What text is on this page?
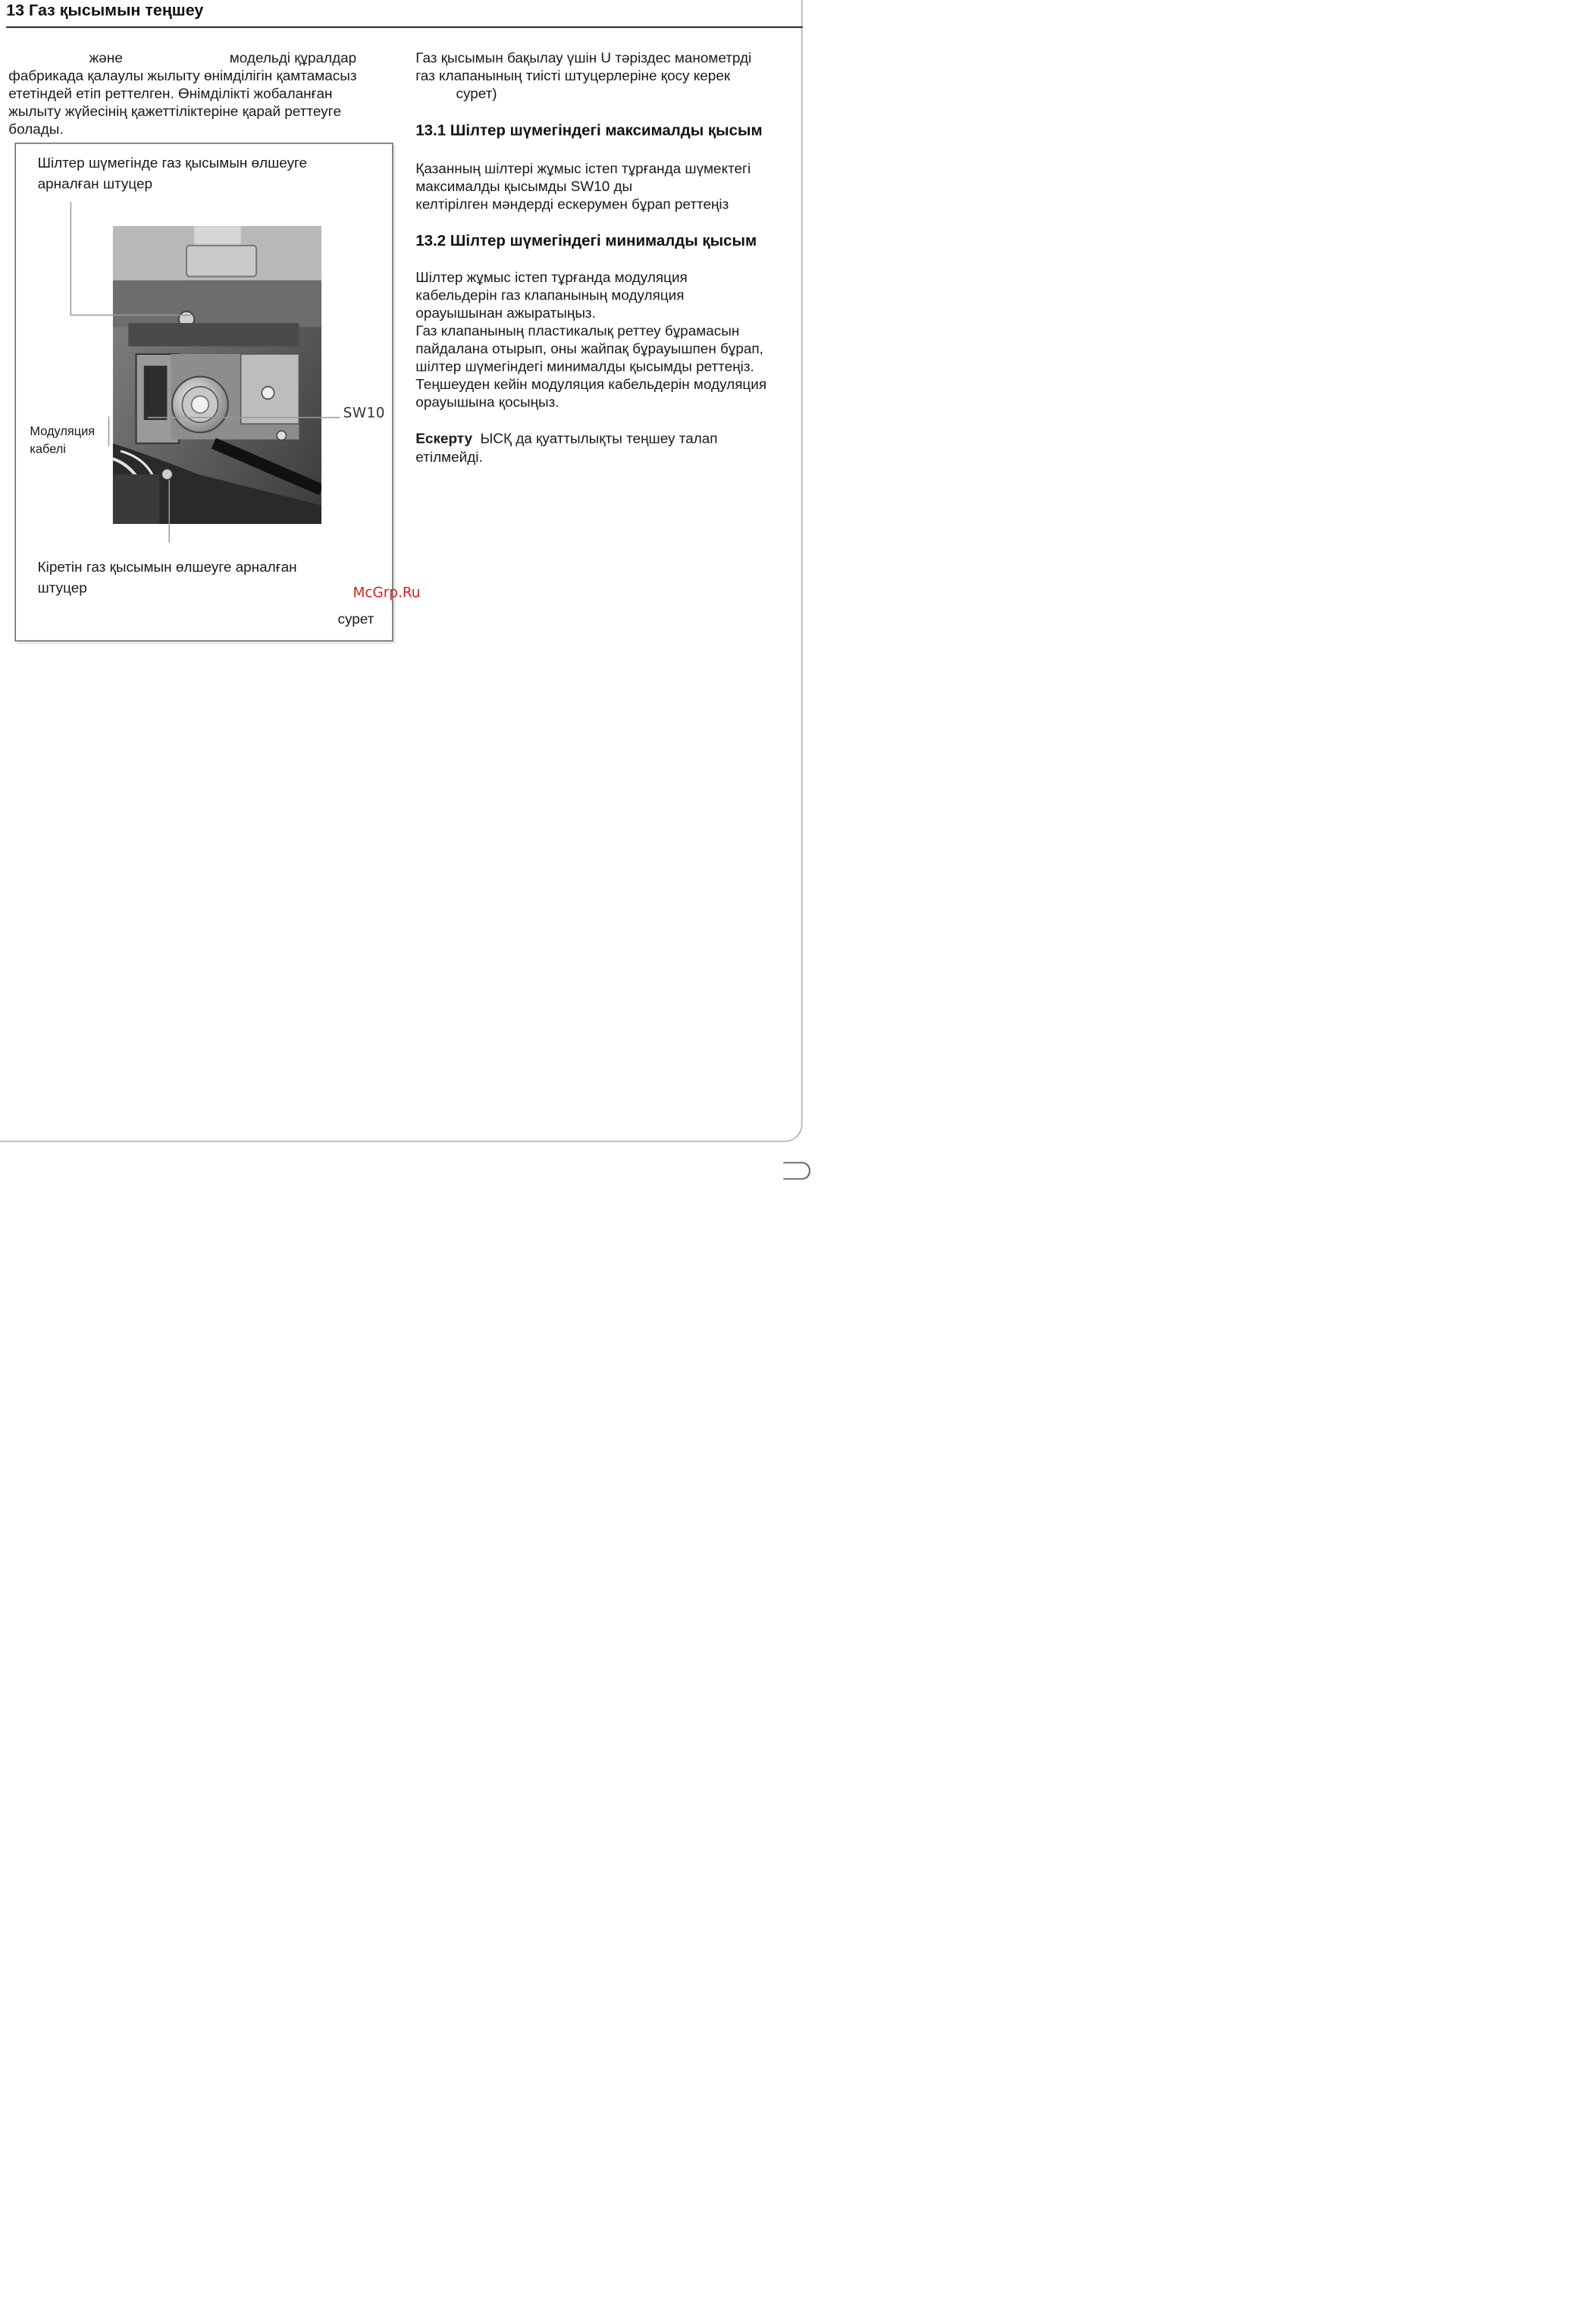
13 Газ қысымын теңшеу

және	модельді құралдар

фабрикада қалаулы жылыту өнімділігін қамтамасыз

ететіндей етіп реттелген. Өнімділікті жобаланған

жылыту жүйесінің қажеттіліктеріне қарай реттеугe

болады.

Шілтер шүмегінде газ қысымын өлшеуге

арналған штуцер

SW10

Модуляция

кабелі

Кіретін газ қысымын өлшеуге арналған

штуцер

сурет

Газ қысымын бақылау үшін U тәріздес манометрді

газ клапанының тиісті штуцерлеріне қосу керек

сурет)

13.1 Шілтер шүмегіндегі максималды қысым

Қазанның шілтері жұмыс істеп тұрғанда шүмектегі

максималды қысымды SW10 ды

келтірілген мәндерді ескерумен бұрап реттеңіз

13.2 Шілтер шүмегіндегі минималды қысым

Шілтер жұмыс істеп тұрғанда модуляция

кабельдерін газ клапанының модуляция

орауышынан ажыратыңыз.

Газ клапанының пластикалық реттеу бұрамасын

пайдалана отырып, оны жайпақ бұрауышпен бұрап,

шілтер шүмегіндегі минималды қысымды реттеңіз.

Теңшеуден кейін модуляция кабельдерін модуляция

орауышына қосыңыз.

Ескерту ЫСҚ да қуаттылықты теңшеу талап

етілмейді.

McGrp.Ru
